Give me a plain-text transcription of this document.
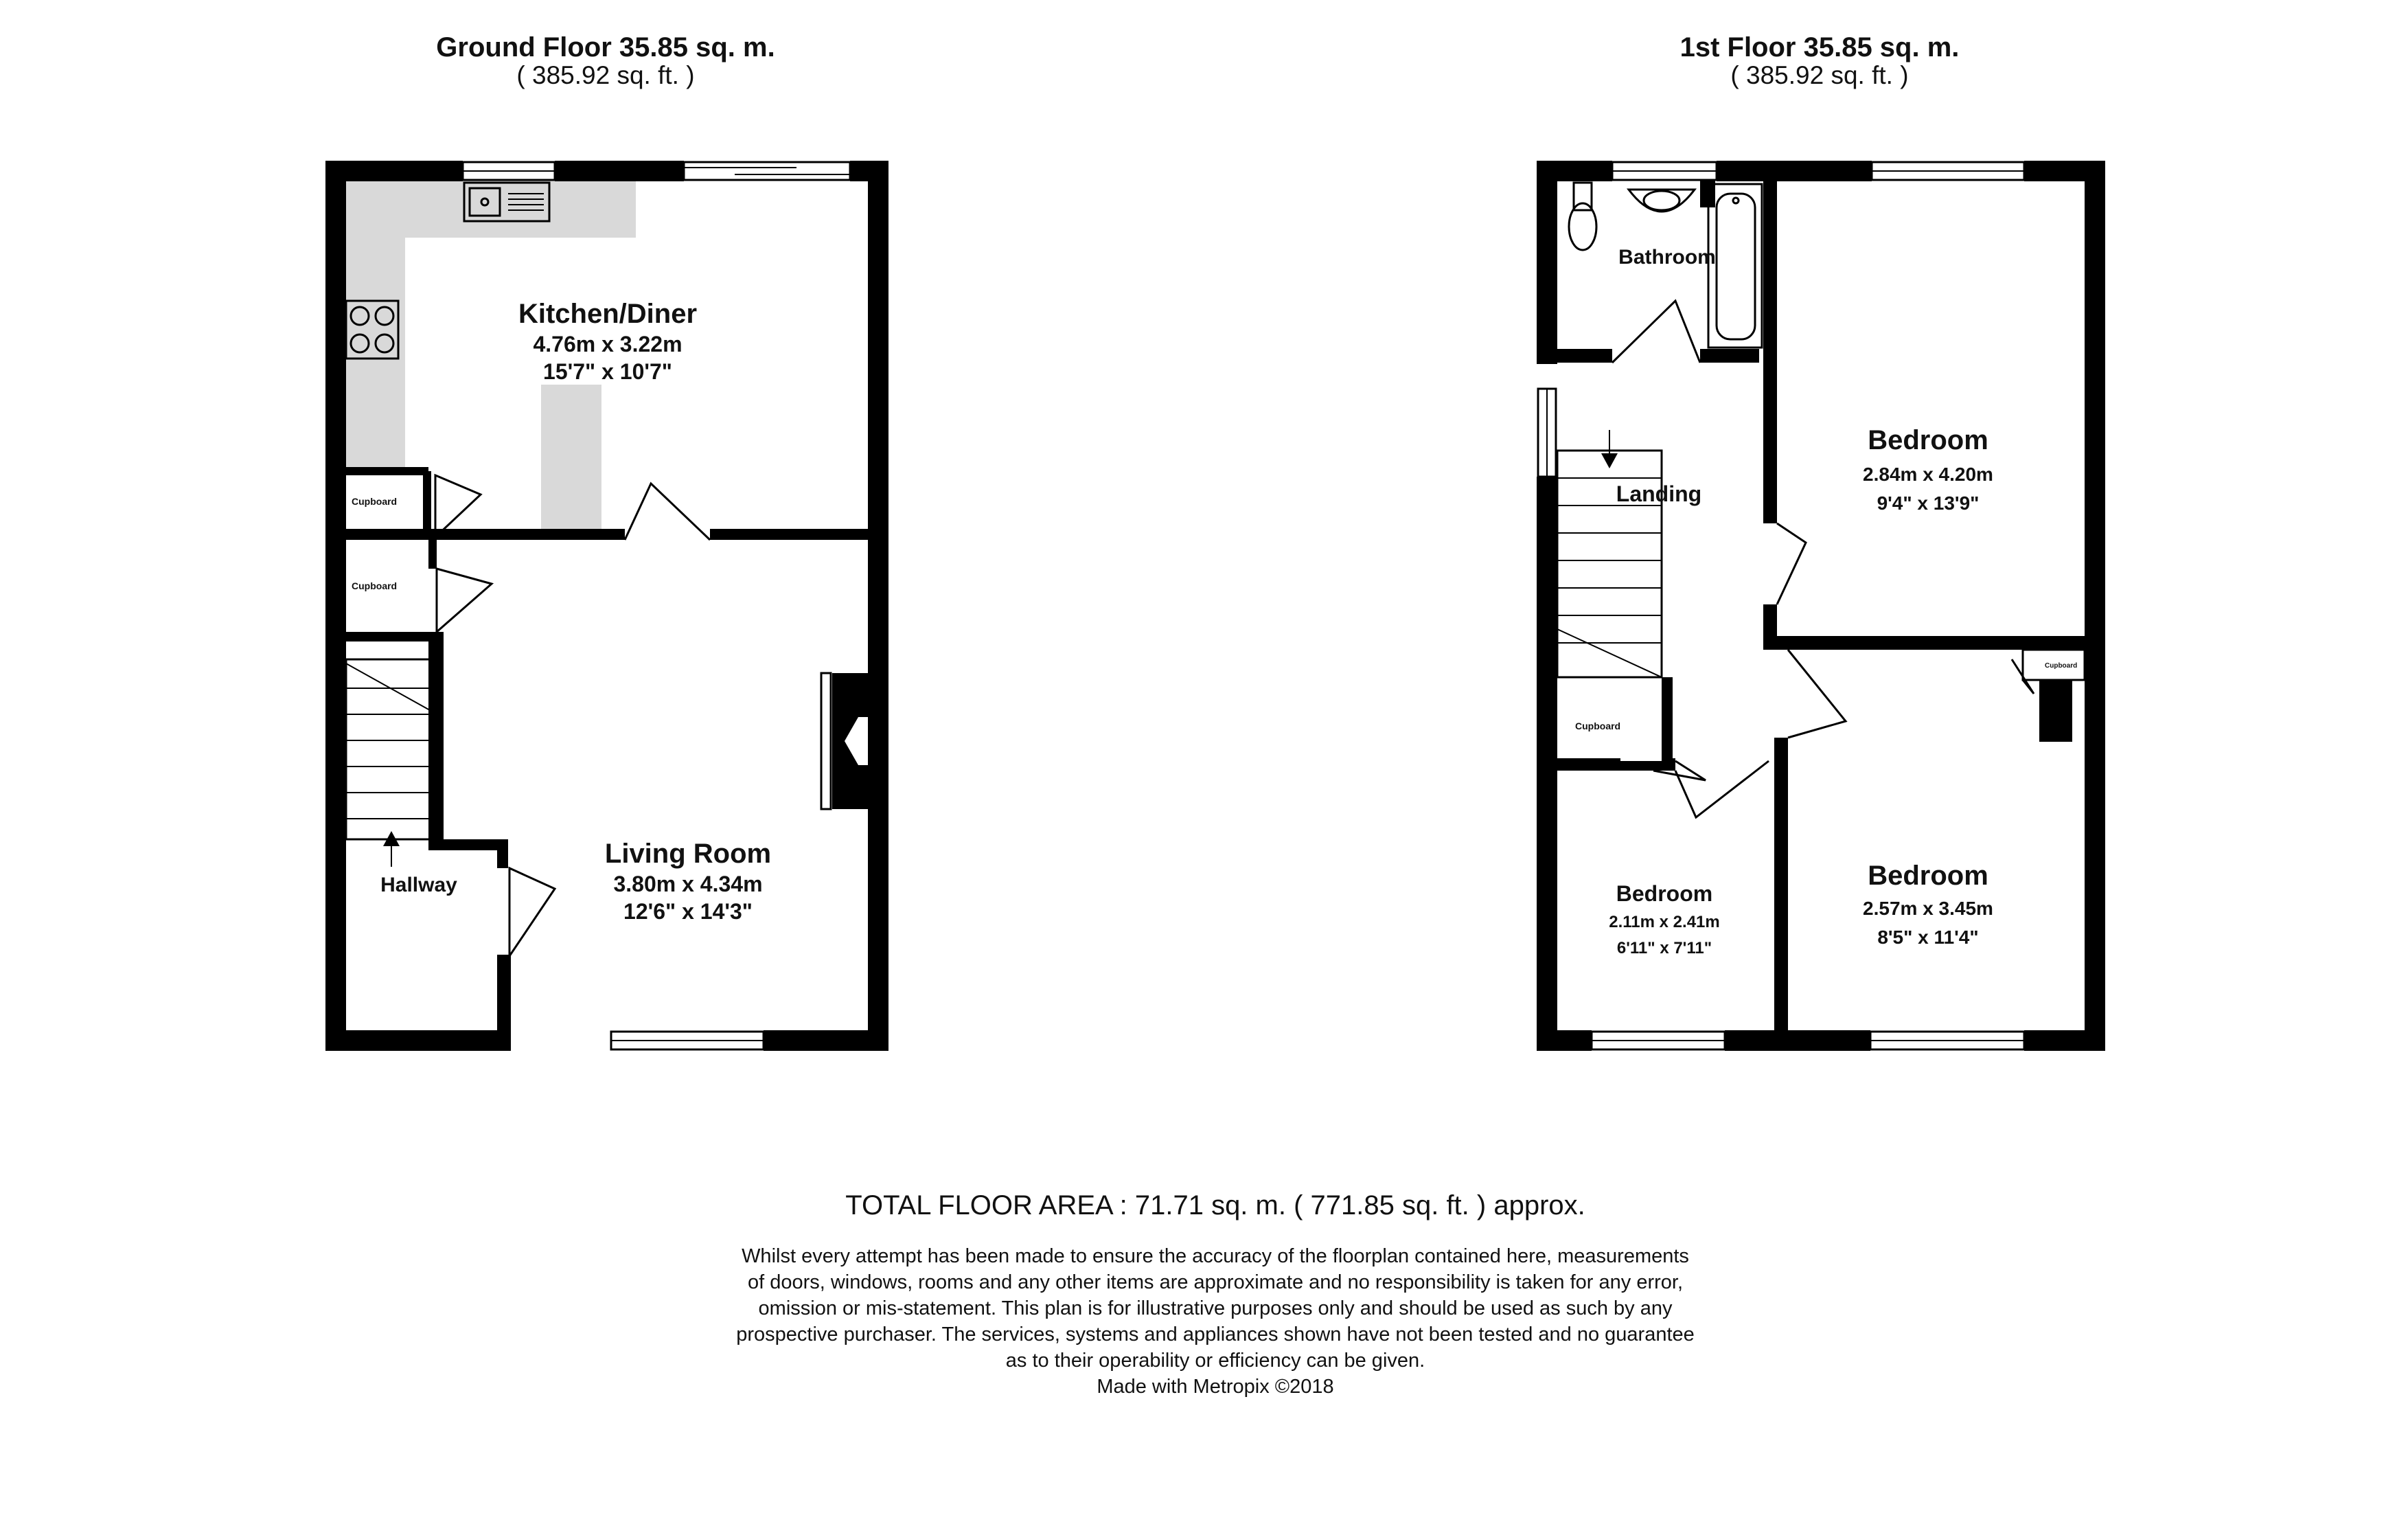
Ground Floor 35.85 sq. m.
( 385.92 sq. ft. )
1st Floor 35.85 sq. m.
( 385.92 sq. ft. )
Cupboard
Cupboard
Kitchen/Diner
4.76m x 3.22m
15'7" x 10'7"
Living Room
3.80m x 4.34m
12'6" x 14'3"
Hallway
Bathroom
Landing
Bedroom
2.84m x 4.20m
9'4" x 13'9"
Bedroom
2.11m x 2.41m
6'11" x 7'11"
Bedroom
2.57m x 3.45m
8'5" x 11'4"
Cupboard
Cupboard
TOTAL FLOOR AREA : 71.71 sq. m. ( 771.85 sq. ft. ) approx.
Whilst every attempt has been made to ensure the accuracy of the floorplan contained here, measurements
of doors, windows, rooms and any other items are approximate and no responsibility is taken for any error,
omission or mis-statement. This plan is for illustrative purposes only and should be used as such by any
prospective purchaser. The services, systems and appliances shown have not been tested and no guarantee
as to their operability or efficiency can be given.
Made with Metropix ©2018
